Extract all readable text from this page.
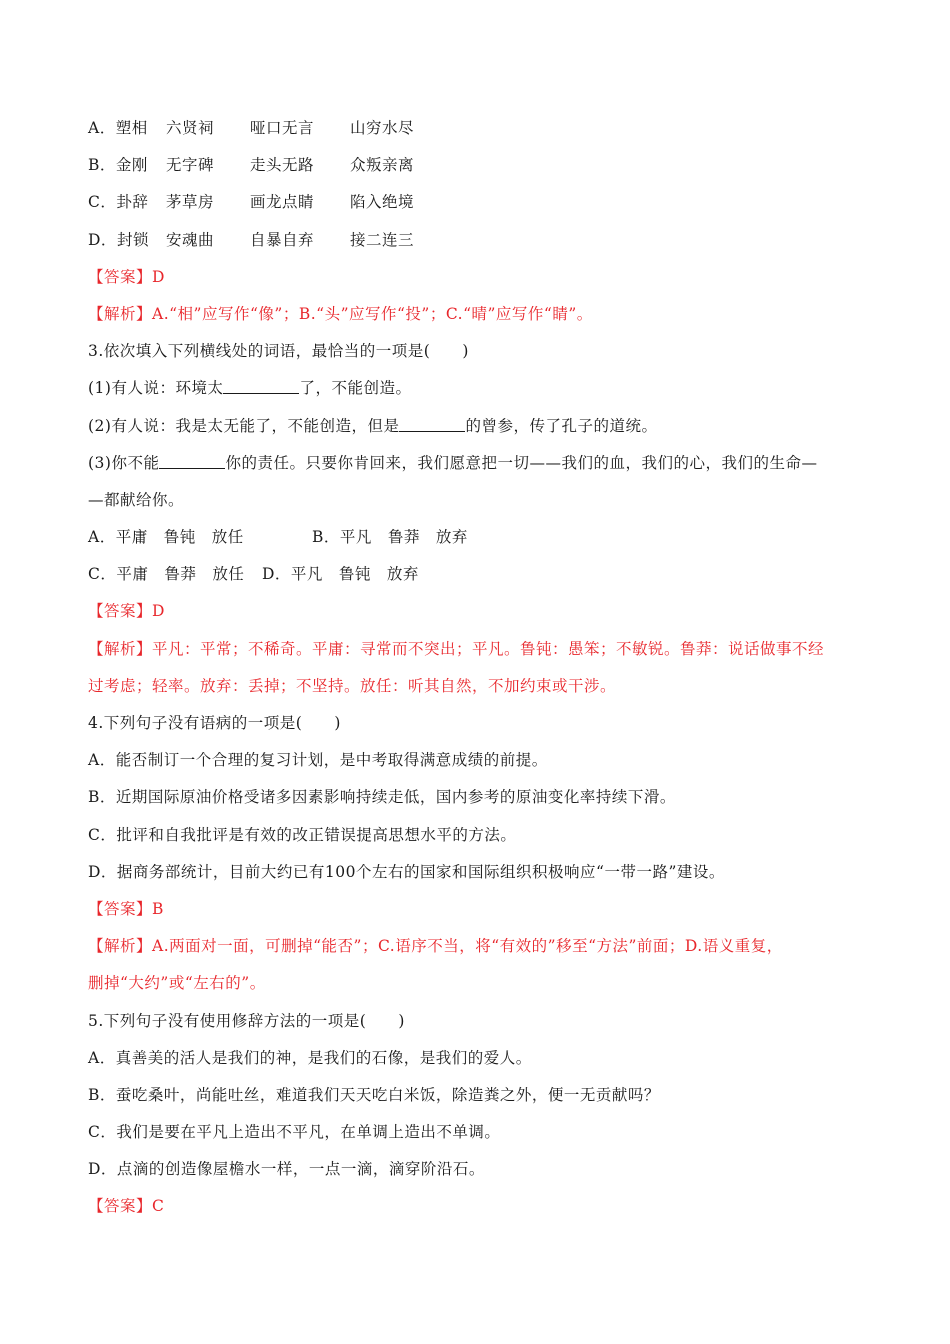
A．塑相 六贤祠 哑口无言 山穷水尽
B．金刚 无字碑 走头无路 众叛亲离
C．卦辞 茅草房 画龙点睛 陷入绝境
D．封锁 安魂曲 自暴自弃 接二连三
【答案】D
【解析】A.“相”应写作“像”；B.“头”应写作“投”；C.“晴”应写作“睛”。
3.依次填入下列横线处的词语，最恰当的一项是(　　)
(1)有人说：环境太	了，不能创造。
(2)有人说：我是太无能了，不能创造，但是	的曾参，传了孔子的道统。
(3)你不能	你的责任。只要你肯回来，我们愿意把一切——我们的血，我们的心，我们的生命—
—都献给你。
A．平庸　鲁钝　放任	B．平凡　鲁莽　放弃
C．平庸　鲁莽　放任 D．平凡　鲁钝　放弃
【答案】D
【解析】平凡：平常；不稀奇。平庸：寻常而不突出；平凡。鲁钝：愚笨；不敏锐。鲁莽：说话做事不经
过考虑；轻率。放弃：丢掉；不坚持。放任：听其自然，不加约束或干涉。
4.下列句子没有语病的一项是(　　)
A．能否制订一个合理的复习计划，是中考取得满意成绩的前提。
B．近期国际原油价格受诸多因素影响持续走低，国内参考的原油变化率持续下滑。
C．批评和自我批评是有效的改正错误提高思想水平的方法。
D．据商务部统计，目前大约已有100个左右的国家和国际组织积极响应“一带一路”建设。
【答案】B
【解析】A.两面对一面，可删掉“能否”；C.语序不当，将“有效的”移至“方法”前面；D.语义重复，
删掉“大约”或“左右的”。
5.下列句子没有使用修辞方法的一项是(　　)
A．真善美的活人是我们的神，是我们的石像，是我们的爱人。
B．蚕吃桑叶，尚能吐丝，难道我们天天吃白米饭，除造粪之外，便一无贡献吗？
C．我们是要在平凡上造出不平凡，在单调上造出不单调。
D．点滴的创造像屋檐水一样，一点一滴，滴穿阶沿石。
【答案】C
